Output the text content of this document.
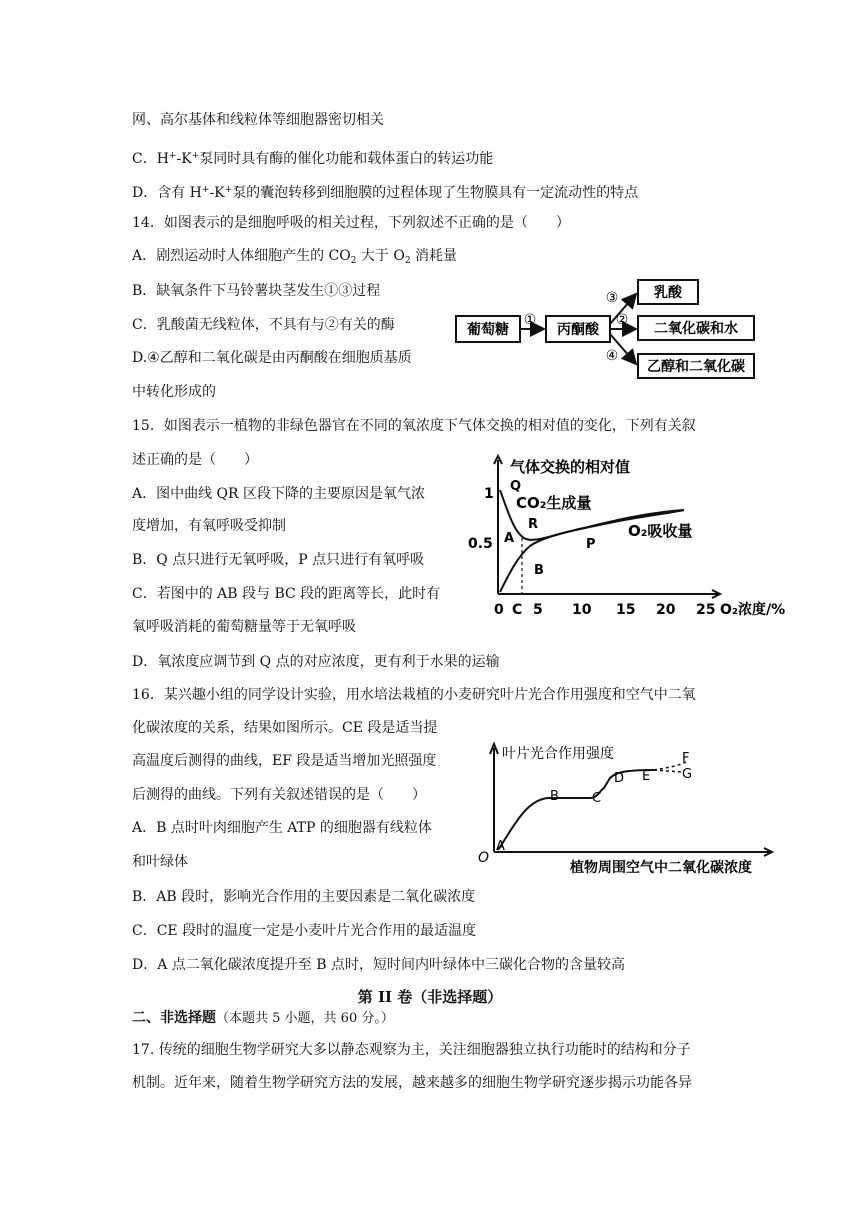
网、高尔基体和线粒体等细胞器密切相关
C．H+-K+泵同时具有酶的催化功能和载体蛋白的转运功能
D．含有 H+-K+泵的囊泡转移到细胞膜的过程体现了生物膜具有一定流动性的特点
14．如图表示的是细胞呼吸的相关过程，下列叙述不正确的是（　　）
A．剧烈运动时人体细胞产生的 $CO_2$ 大于 $O_2$ 消耗量
B．缺氧条件下马铃薯块茎发生①③过程
C．乳酸菌无线粒体，不具有与②有关的酶
D.④乙醇和二氧化碳是由丙酮酸在细胞质基质
中转化形成的
葡萄糖
①
丙酮酸
③
②
④
乳酸
二氧化碳和水
乙醇和二氧化碳
15．如图表示一植物的非绿色器官在不同的氧浓度下气体交换的相对值的变化，下列有关叙
述正确的是（　　）
A．图中曲线 QR 区段下降的主要原因是氧气浓
度增加，有氧呼吸受抑制
B．Q 点只进行无氧呼吸，P 点只进行有氧呼吸
C．若图中的 AB 段与 BC 段的距离等长，此时有
氧呼吸消耗的葡萄糖量等于无氧呼吸
D．氧浓度应调节到 Q 点的对应浓度，更有利于水果的运输
气体交换的相对值
1
0.5
0 C 5 10 15 20 25 O₂浓度/%
Q
CO₂生成量
R
A	O₂吸收量
P
B
16．某兴趣小组的同学设计实验，用水培法栽植的小麦研究叶片光合作用强度和空气中二氧
化碳浓度的关系，结果如图所示。CE 段是适当提
高温度后测得的曲线，EF 段是适当增加光照强度
后测得的曲线。下列有关叙述错误的是（　　）
A．B 点时叶肉细胞产生 ATP 的细胞器有线粒体
和叶绿体
B．AB 段时，影响光合作用的主要因素是二氧化碳浓度
C．CE 段时的温度一定是小麦叶片光合作用的最适温度
D．A 点二氧化碳浓度提升至 B 点时，短时间内叶绿体中三碳化合物的含量较高
叶片光合作用强度
植物周围空气中二氧化碳浓度
O
A
B	C
D E
F
G
第 II 卷（非选择题）
二、非选择题（本题共 5 小题，共 60 分。）
17. 传统的细胞生物学研究大多以静态观察为主，关注细胞器独立执行功能时的结构和分子
机制。近年来，随着生物学研究方法的发展，越来越多的细胞生物学研究逐步揭示功能各异
